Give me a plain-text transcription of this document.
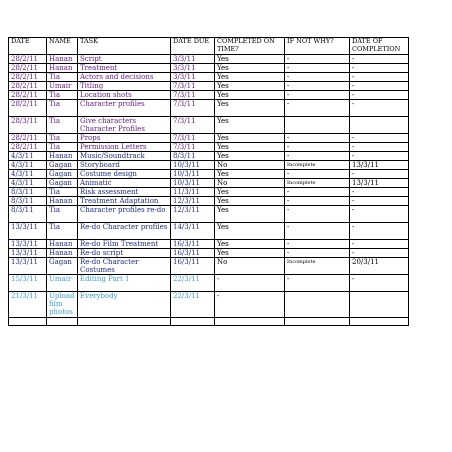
DATE	NAME	TASK	DATE DUE	COMPLETED ON TIME?	IF NOT WHY?	DATE OF COMPLETION
28/2/11	Hanan	Script	3/3/11	Yes	-	-
28/2/11	Hanan	Treatment	3/3/11	Yes	-	-
28/2/11	Tia	Actors and decisions	3/3/11	Yes	-	-
28/2/11	Umair	Titling	7/3/11	Yes	-	-
28/2/11	Tia	Location shots	7/3/11	Yes	-	-
28/2/11	Tia	Character profiles	7/3/11	Yes	-	-
28/3/11	Tia	Give characters Character Profiles	7/3/11	Yes		
28/2/11	Tia	Props	7/3/11	Yes	-	-
28/2/11	Tia	Permission Letters	7/3/11	Yes	-	-
4/3/11	Hanan	Music/Soundtrack	8/3/11	Yes	-	-
4/3/11	Gagan	Storyboard	10/3/11	No	Incomplete	13/3/11
4/3/11	Gagan	Costume design	10/3/11	Yes	-	-
4/3/11	Gagan	Animatic	10/3/11	No	Incomplete	13/3/11
8/3/11	Tia	Risk assessment	11/3/11	Yes	-	-
8/3/11	Hanan	Treatment Adaptation	12/3/11	Yes	-	-
8/3/11	Tia	Character profiles re-do	12/3/11	Yes	-	-
13/3/11	Tia	Re-do Character profiles	14/3/11	Yes	-	-
13/3/11	Hanan	Re-do Film Treatment	16/3/11	Yes	-	-
13/3/11	Hanan	Re-do script	16/3/11	Yes	-	-
13/3/11	Gagan	Re-do Character Costumes	16/3/11	No	Incomplete	20/3/11
15/3/11	Umair	Editing Part 1	22/3/11	-	-	-
21/3/11	Upload film photos	Everybody	22/3/11	-		
